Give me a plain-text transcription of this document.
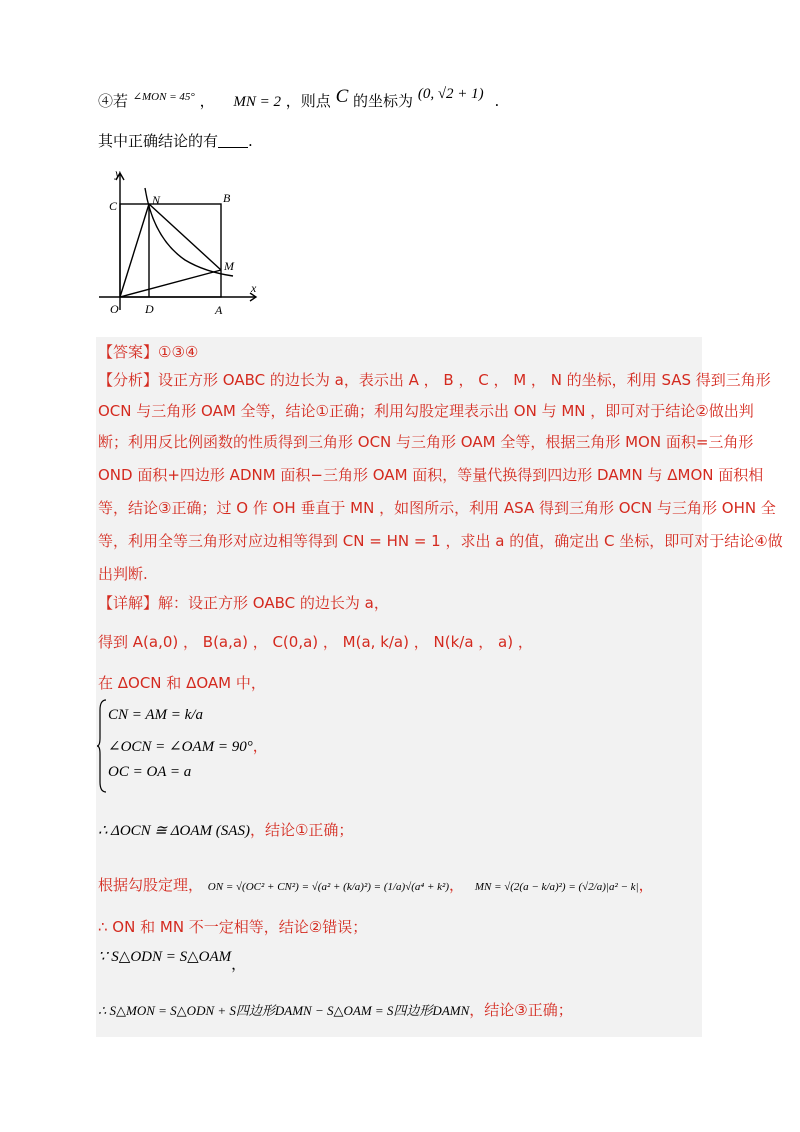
④若 $^{\angle MON = 45^\circ}$ ， MN = 2 ，则点 C 的坐标为 (0, √2 + 1) .
其中正确结论的有 .
y
x
C	N	B
M
O D	A
【答案】①③④
【分析】设正方形 OABC 的边长为 a，表示出 A ， B ， C ， M ， N 的坐标，利用 SAS 得到三角形
OCN 与三角形 OAM 全等，结论①正确；利用勾股定理表示出 ON 与 MN ，即可对于结论②做出判
断；利用反比例函数的性质得到三角形 OCN 与三角形 OAM 全等，根据三角形 MON 面积=三角形
OND 面积+四边形 ADNM 面积−三角形 OAM 面积，等量代换得到四边形 DAMN 与 ΔMON 面积相
等，结论③正确；过 O 作 OH 垂直于 MN ，如图所示，利用 ASA 得到三角形 OCN 与三角形 OHN 全
等，利用全等三角形对应边相等得到 CN = HN = 1 ，求出 a 的值，确定出 C 坐标，即可对于结论④做
出判断.
【详解】解：设正方形 OABC 的边长为 a，
得到 A(a,0) ， B(a,a) ， C(0,a) ， M(a, k/a) ， N(k/a ， a) ，
在 ΔOCN 和 ΔOAM 中，
CN = AM = k/a
∠OCN = ∠OAM = 90°，
OC = OA = a
∴ ΔOCN ≅ ΔOAM (SAS)，结论①正确；
根据勾股定理， ON = √(OC² + CN²) = √(a² + (k/a)²) = (1/a)√(a⁴ + k²)， MN = √(2(a − k/a)²) = (√2/a)|a² − k|，
∴ ON 和 MN 不一定相等，结论②错误；
∵ S△ODN = S△OAM，
∴ S△MON = S△ODN + S四边形DAMN − S△OAM = S四边形DAMN，结论③正确；
